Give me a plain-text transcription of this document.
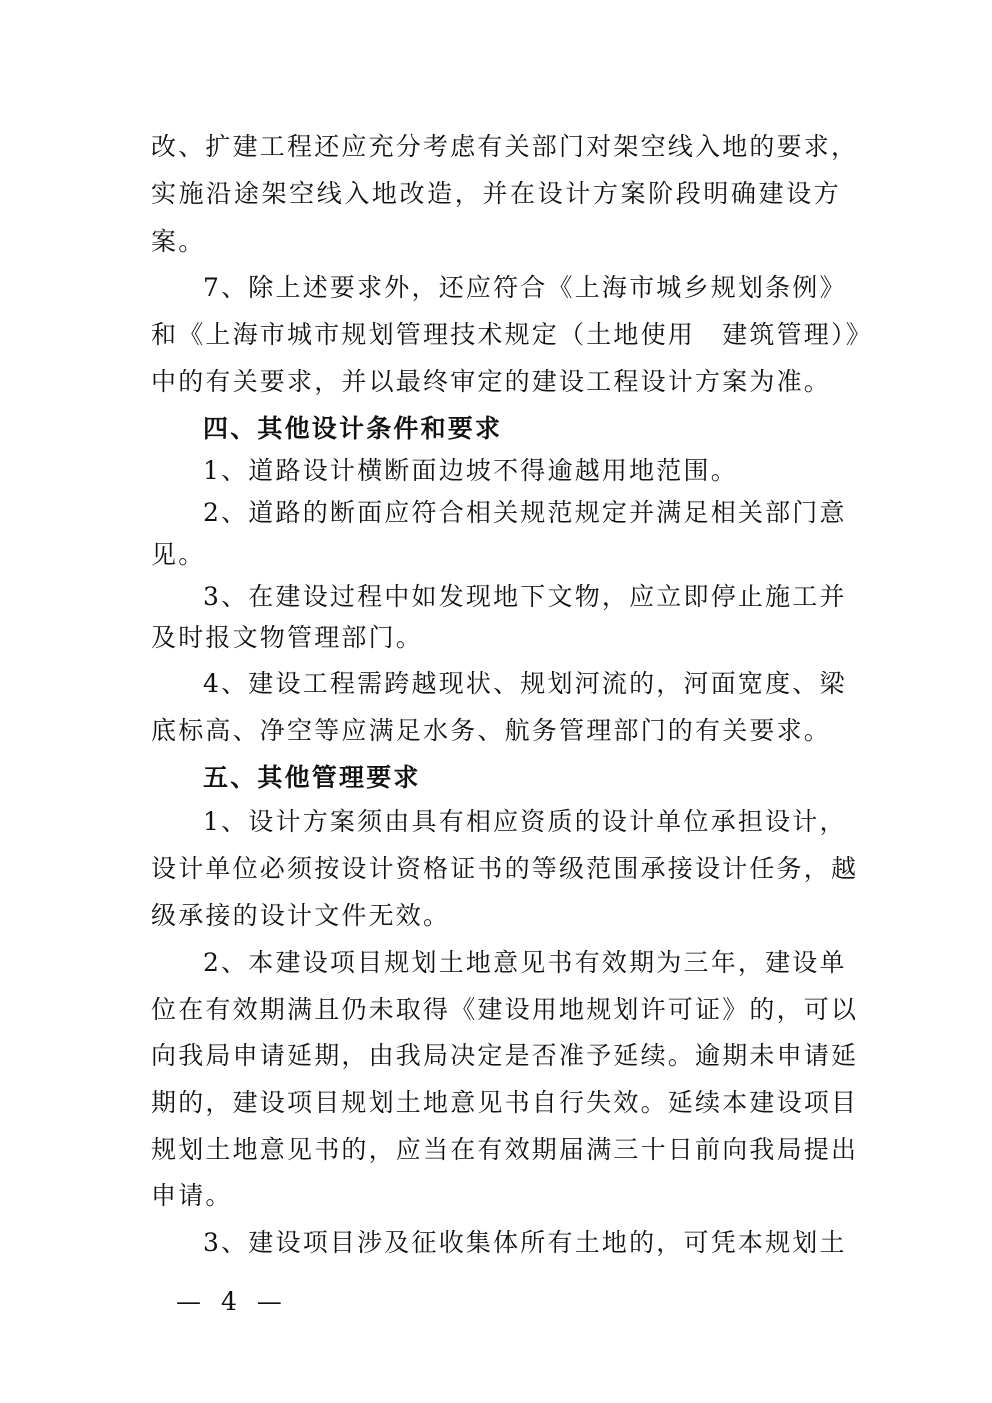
改、扩建工程还应充分考虑有关部门对架空线入地的要求，

实施沿途架空线入地改造，并在设计方案阶段明确建设方

案。

7、除上述要求外，还应符合《上海市城乡规划条例》

和《上海市城市规划管理技术规定（土地使用　建筑管理）》

中的有关要求，并以最终审定的建设工程设计方案为准。

四、其他设计条件和要求

1、道路设计横断面边坡不得逾越用地范围。

2、道路的断面应符合相关规范规定并满足相关部门意

见。

3、在建设过程中如发现地下文物，应立即停止施工并

及时报文物管理部门。

4、建设工程需跨越现状、规划河流的，河面宽度、梁

底标高、净空等应满足水务、航务管理部门的有关要求。

五、其他管理要求

1、设计方案须由具有相应资质的设计单位承担设计，

设计单位必须按设计资格证书的等级范围承接设计任务，越

级承接的设计文件无效。

2、本建设项目规划土地意见书有效期为三年，建设单

位在有效期满且仍未取得《建设用地规划许可证》的，可以

向我局申请延期，由我局决定是否准予延续。逾期未申请延

期的，建设项目规划土地意见书自行失效。延续本建设项目

规划土地意见书的，应当在有效期届满三十日前向我局提出

申请。

3、建设项目涉及征收集体所有土地的，可凭本规划土

— 4 —
